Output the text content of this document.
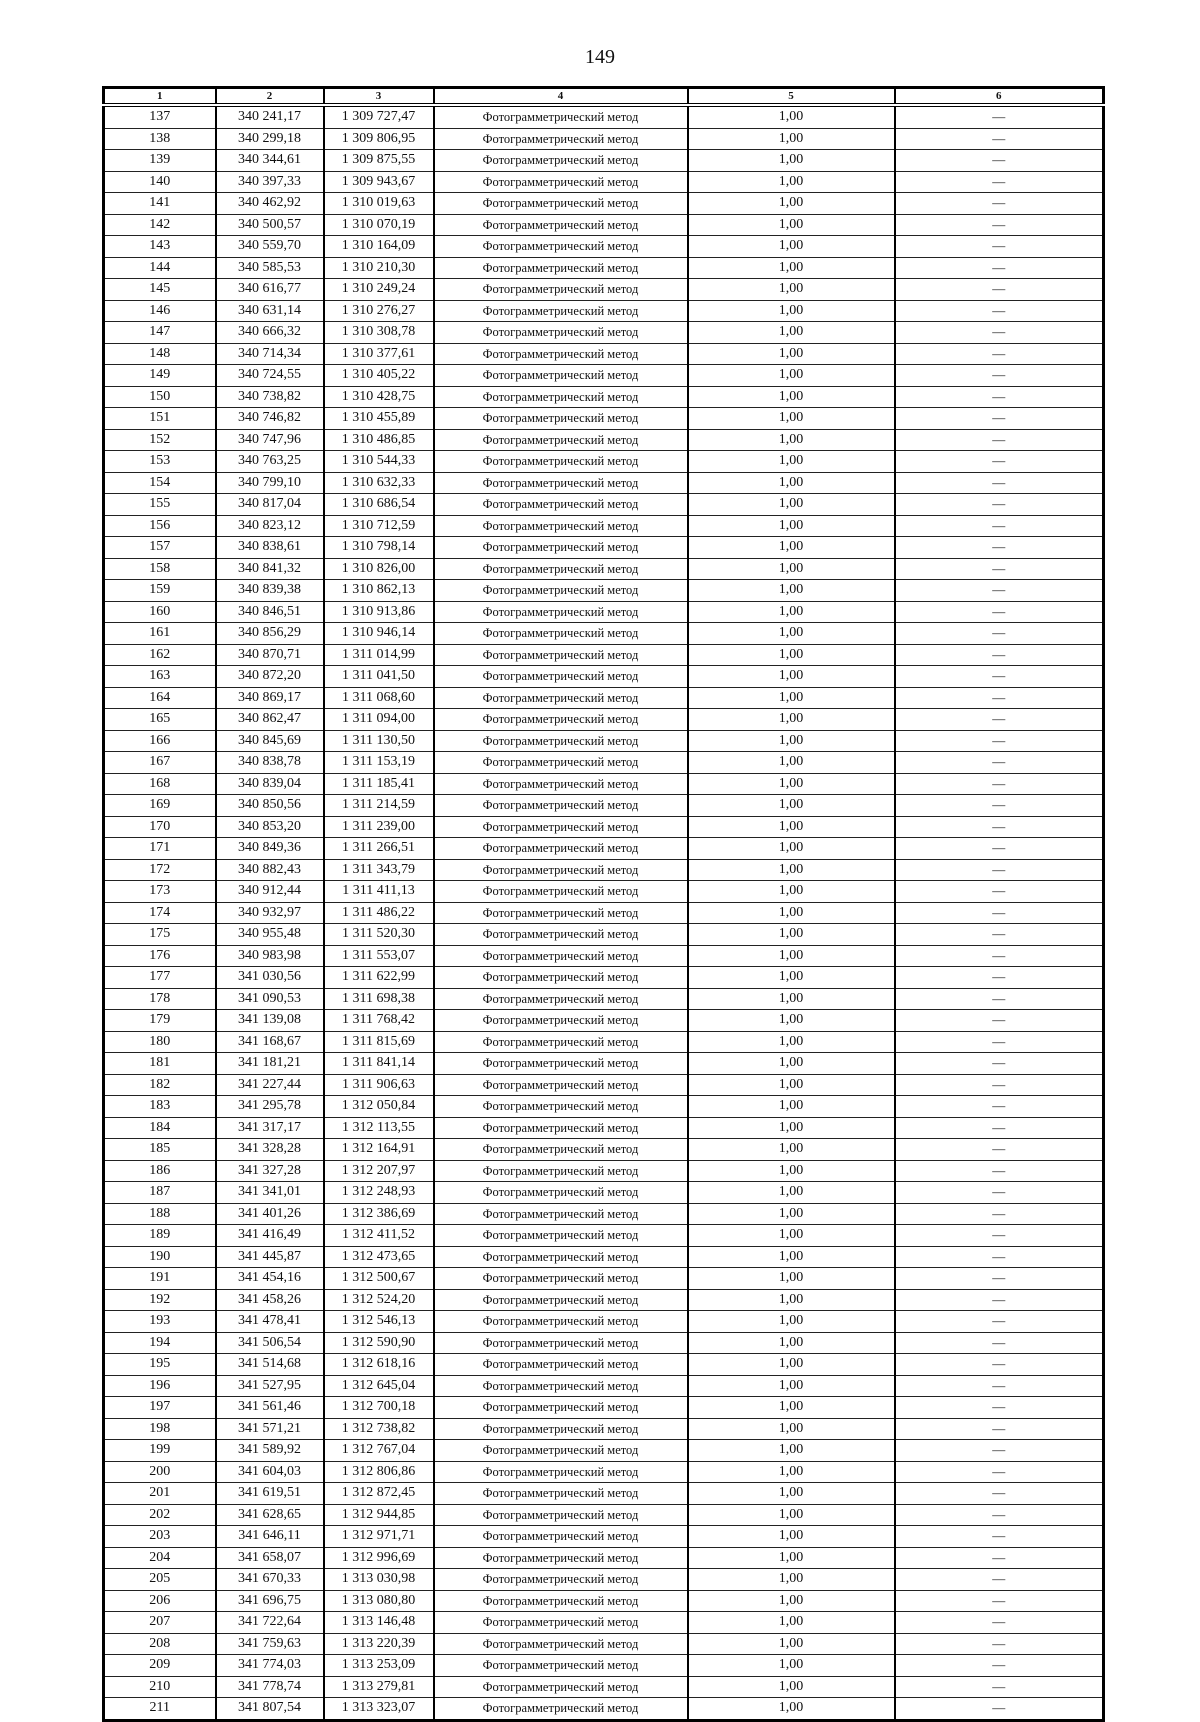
149
1	2	3	4	5	6
137	340 241,17	1 309 727,47	Фотограмметрический метод	1,00	—
138	340 299,18	1 309 806,95	Фотограмметрический метод	1,00	—
139	340 344,61	1 309 875,55	Фотограмметрический метод	1,00	—
140	340 397,33	1 309 943,67	Фотограмметрический метод	1,00	—
141	340 462,92	1 310 019,63	Фотограмметрический метод	1,00	—
142	340 500,57	1 310 070,19	Фотограмметрический метод	1,00	—
143	340 559,70	1 310 164,09	Фотограмметрический метод	1,00	—
144	340 585,53	1 310 210,30	Фотограмметрический метод	1,00	—
145	340 616,77	1 310 249,24	Фотограмметрический метод	1,00	—
146	340 631,14	1 310 276,27	Фотограмметрический метод	1,00	—
147	340 666,32	1 310 308,78	Фотограмметрический метод	1,00	—
148	340 714,34	1 310 377,61	Фотограмметрический метод	1,00	—
149	340 724,55	1 310 405,22	Фотограмметрический метод	1,00	—
150	340 738,82	1 310 428,75	Фотограмметрический метод	1,00	—
151	340 746,82	1 310 455,89	Фотограмметрический метод	1,00	—
152	340 747,96	1 310 486,85	Фотограмметрический метод	1,00	—
153	340 763,25	1 310 544,33	Фотограмметрический метод	1,00	—
154	340 799,10	1 310 632,33	Фотограмметрический метод	1,00	—
155	340 817,04	1 310 686,54	Фотограмметрический метод	1,00	—
156	340 823,12	1 310 712,59	Фотограмметрический метод	1,00	—
157	340 838,61	1 310 798,14	Фотограмметрический метод	1,00	—
158	340 841,32	1 310 826,00	Фотограмметрический метод	1,00	—
159	340 839,38	1 310 862,13	Фотограмметрический метод	1,00	—
160	340 846,51	1 310 913,86	Фотограмметрический метод	1,00	—
161	340 856,29	1 310 946,14	Фотограмметрический метод	1,00	—
162	340 870,71	1 311 014,99	Фотограмметрический метод	1,00	—
163	340 872,20	1 311 041,50	Фотограмметрический метод	1,00	—
164	340 869,17	1 311 068,60	Фотограмметрический метод	1,00	—
165	340 862,47	1 311 094,00	Фотограмметрический метод	1,00	—
166	340 845,69	1 311 130,50	Фотограмметрический метод	1,00	—
167	340 838,78	1 311 153,19	Фотограмметрический метод	1,00	—
168	340 839,04	1 311 185,41	Фотограмметрический метод	1,00	—
169	340 850,56	1 311 214,59	Фотограмметрический метод	1,00	—
170	340 853,20	1 311 239,00	Фотограмметрический метод	1,00	—
171	340 849,36	1 311 266,51	Фотограмметрический метод	1,00	—
172	340 882,43	1 311 343,79	Фотограмметрический метод	1,00	—
173	340 912,44	1 311 411,13	Фотограмметрический метод	1,00	—
174	340 932,97	1 311 486,22	Фотограмметрический метод	1,00	—
175	340 955,48	1 311 520,30	Фотограмметрический метод	1,00	—
176	340 983,98	1 311 553,07	Фотограмметрический метод	1,00	—
177	341 030,56	1 311 622,99	Фотограмметрический метод	1,00	—
178	341 090,53	1 311 698,38	Фотограмметрический метод	1,00	—
179	341 139,08	1 311 768,42	Фотограмметрический метод	1,00	—
180	341 168,67	1 311 815,69	Фотограмметрический метод	1,00	—
181	341 181,21	1 311 841,14	Фотограмметрический метод	1,00	—
182	341 227,44	1 311 906,63	Фотограмметрический метод	1,00	—
183	341 295,78	1 312 050,84	Фотограмметрический метод	1,00	—
184	341 317,17	1 312 113,55	Фотограмметрический метод	1,00	—
185	341 328,28	1 312 164,91	Фотограмметрический метод	1,00	—
186	341 327,28	1 312 207,97	Фотограмметрический метод	1,00	—
187	341 341,01	1 312 248,93	Фотограмметрический метод	1,00	—
188	341 401,26	1 312 386,69	Фотограмметрический метод	1,00	—
189	341 416,49	1 312 411,52	Фотограмметрический метод	1,00	—
190	341 445,87	1 312 473,65	Фотограмметрический метод	1,00	—
191	341 454,16	1 312 500,67	Фотограмметрический метод	1,00	—
192	341 458,26	1 312 524,20	Фотограмметрический метод	1,00	—
193	341 478,41	1 312 546,13	Фотограмметрический метод	1,00	—
194	341 506,54	1 312 590,90	Фотограмметрический метод	1,00	—
195	341 514,68	1 312 618,16	Фотограмметрический метод	1,00	—
196	341 527,95	1 312 645,04	Фотограмметрический метод	1,00	—
197	341 561,46	1 312 700,18	Фотограмметрический метод	1,00	—
198	341 571,21	1 312 738,82	Фотограмметрический метод	1,00	—
199	341 589,92	1 312 767,04	Фотограмметрический метод	1,00	—
200	341 604,03	1 312 806,86	Фотограмметрический метод	1,00	—
201	341 619,51	1 312 872,45	Фотограмметрический метод	1,00	—
202	341 628,65	1 312 944,85	Фотограмметрический метод	1,00	—
203	341 646,11	1 312 971,71	Фотограмметрический метод	1,00	—
204	341 658,07	1 312 996,69	Фотограмметрический метод	1,00	—
205	341 670,33	1 313 030,98	Фотограмметрический метод	1,00	—
206	341 696,75	1 313 080,80	Фотограмметрический метод	1,00	—
207	341 722,64	1 313 146,48	Фотограмметрический метод	1,00	—
208	341 759,63	1 313 220,39	Фотограмметрический метод	1,00	—
209	341 774,03	1 313 253,09	Фотограмметрический метод	1,00	—
210	341 778,74	1 313 279,81	Фотограмметрический метод	1,00	—
211	341 807,54	1 313 323,07	Фотограмметрический метод	1,00	—
